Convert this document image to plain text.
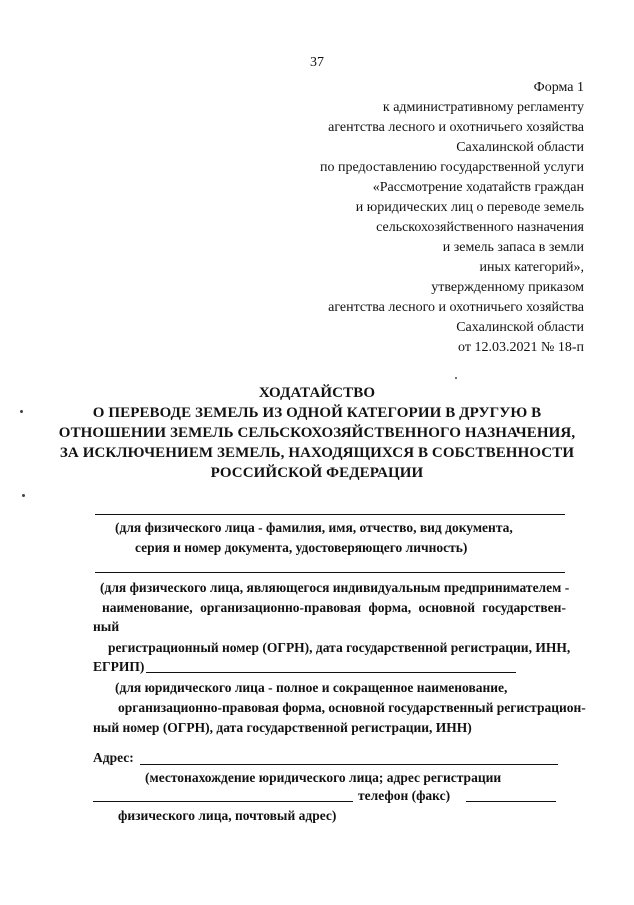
37
Форма 1
к административному регламенту
агентства лесного и охотничьего хозяйства
Сахалинской области
по предоставлению государственной услуги
«Рассмотрение ходатайств граждан
и юридических лиц о переводе земель
сельскохозяйственного назначения
и земель запаса в земли
иных категорий»,
утвержденному приказом
агентства лесного и охотничьего хозяйства
Сахалинской области
от 12.03.2021 № 18-п
ХОДАТАЙСТВО
О ПЕРЕВОДЕ ЗЕМЕЛЬ ИЗ ОДНОЙ КАТЕГОРИИ В ДРУГУЮ В
ОТНОШЕНИИ ЗЕМЕЛЬ СЕЛЬСКОХОЗЯЙСТВЕННОГО НАЗНАЧЕНИЯ,
ЗА ИСКЛЮЧЕНИЕМ ЗЕМЕЛЬ, НАХОДЯЩИХСЯ В СОБСТВЕННОСТИ
РОССИЙСКОЙ ФЕДЕРАЦИИ
(для физического лица - фамилия, имя, отчество, вид документа,
серия и номер документа, удостоверяющего личность)
(для физического лица, являющегося индивидуальным предпринимателем -
наименование, организационно-правовая форма, основной государствен-
ный
регистрационный номер (ОГРН), дата государственной регистрации, ИНН,
ЕГРИП)
(для юридического лица - полное и сокращенное наименование,
организационно-правовая форма, основной государственный регистрацион-
ный номер (ОГРН), дата государственной регистрации, ИНН)
Адрес:
(местонахождение юридического лица; адрес регистрации
телефон (факс)
физического лица, почтовый адрес)
